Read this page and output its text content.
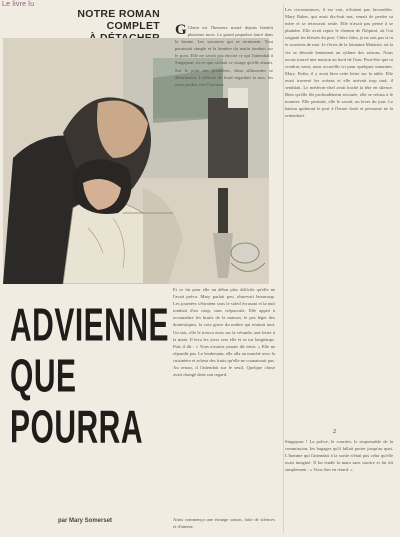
Le livre lu
NOTRE ROMAN COMPLET G Glenn est l'heureux marié depuis bientôt plusieurs mois. Le grand paquebot lancé dans la brume. Les vacances qui se terminent. Tout paraissait simple et la lumière du matin tombait sur le pont. Elle ne savait pas encore ce qui l'attendait à Singapour, ni ce que cachait ce visage qu'elle aimait. Sur le pont des premières, deux silhouettes se détachaient. L'officier de bord regardait la mer, les yeux perdus vers l'horizon.

Les circonstances, il est vrai, n'étaient pas favorables. Mary Baker, qui avait dix-huit ans, venait de perdre sa mère et se retrouvait seule. Elle n'avait pas pensé à se plaindre. Elle avait repris le chemin de l'hôpital, où l'on soignait les blessés du port. Chère Julia, je ne sais pas si tu te souviens de moi. Je t'écris de la lointaine Malaisie, où la vie se déroule lentement au rythme des saisons. Nous avons trouvé une maison au bord de l'eau. Peut-être que tu voudras venir, nous accueillir ici pour quelques semaines. Mary. Enfin, il y avait bien cette lettre sur la table. Elle avait traversé les océans et elle arrivait trop tard, il semblait. Le médecin-chef avait hoché la tête en silence. Bien qu'elle fût profondément secouée, elle se refusa à le montrer. Elle partirait, elle le savait, au lever du jour. Le bateau quitterait le port à l'heure fixée et personne ne la retiendrait.

2

Singapour ! La police, le courrier, le responsable de la commission, les bagages qu'il fallait porter jusqu'au quai. L'homme qui l'attendait à la sortie n'était pas celui qu'elle avait imaginé. Il lui tendit la main sans sourire et lui dit simplement : « Vous êtes en retard. »

ADVIENNE
QUE POURRA

Et ce fut pour elle un début plus difficile qu'elle ne l'avait prévu. Mary parlait peu, observait beaucoup. Les journées s'étiraient sous le soleil écrasant et la nuit tombait d'un coup, sans crépuscule. Elle apprit à reconnaître les bruits de la maison, le pas léger des domestiques, la voix grave du maître qui rentrait tard. Un soir, elle le trouva assis sur la véranda, une lettre à la main. Il leva les yeux vers elle et se tut longtemps. Puis il dit : « Vous n'auriez jamais dû venir. » Elle ne répondit pas. Le lendemain, elle alla au marché avec la cuisinière et acheta des fruits qu'elle ne connaissait pas. Au retour, il l'attendait sur le seuil. Quelque chose avait changé dans son regard.

Ainsi commença une étrange saison, faite de silences et d'attente.

par Mary Somerset
